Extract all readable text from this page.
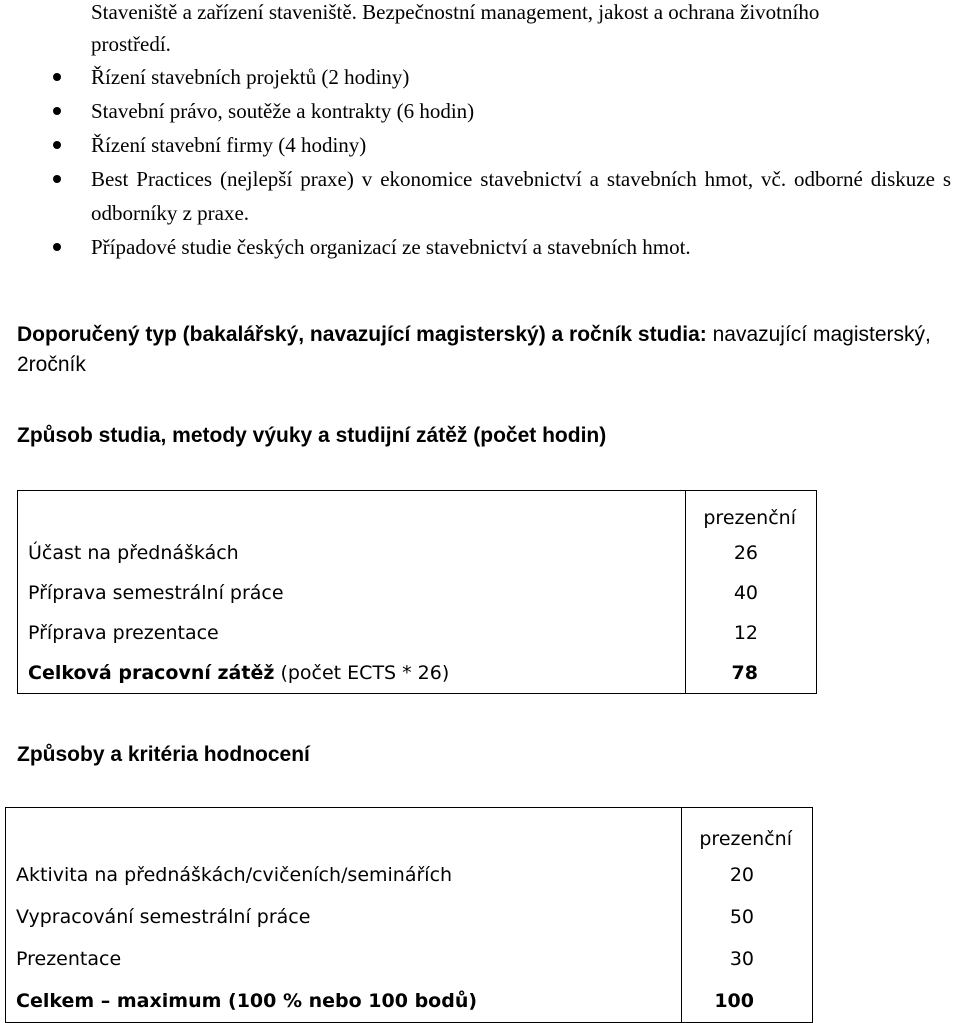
Staveniště a zařízení staveniště. Bezpečnostní management, jakost a ochrana životního
prostředí.
Řízení stavebních projektů (2 hodiny)
Stavební právo, soutěže a kontrakty (6 hodin)
Řízení stavební firmy (4 hodiny)
Best Practices (nejlepší praxe) v ekonomice stavebnictví a stavebních hmot, vč. odborné diskuze s odborníky z praxe.
Případové studie českých organizací ze stavebnictví a stavebních hmot.
Doporučený typ (bakalářský, navazující magisterský) a ročník studia: navazující magisterský, 2ročník
Způsob studia, metody výuky a studijní zátěž (počet hodin)
	prezenční
Účast na přednáškách	26
Příprava semestrální práce	40
Příprava prezentace	12
Celková pracovní zátěž (počet ECTS * 26)	78
Způsoby a kritéria hodnocení
	prezenční
Aktivita na přednáškách/cvičeních/seminářích	20
Vypracování semestrální práce	50
Prezentace	30
Celkem – maximum (100 % nebo 100 bodů)	100
